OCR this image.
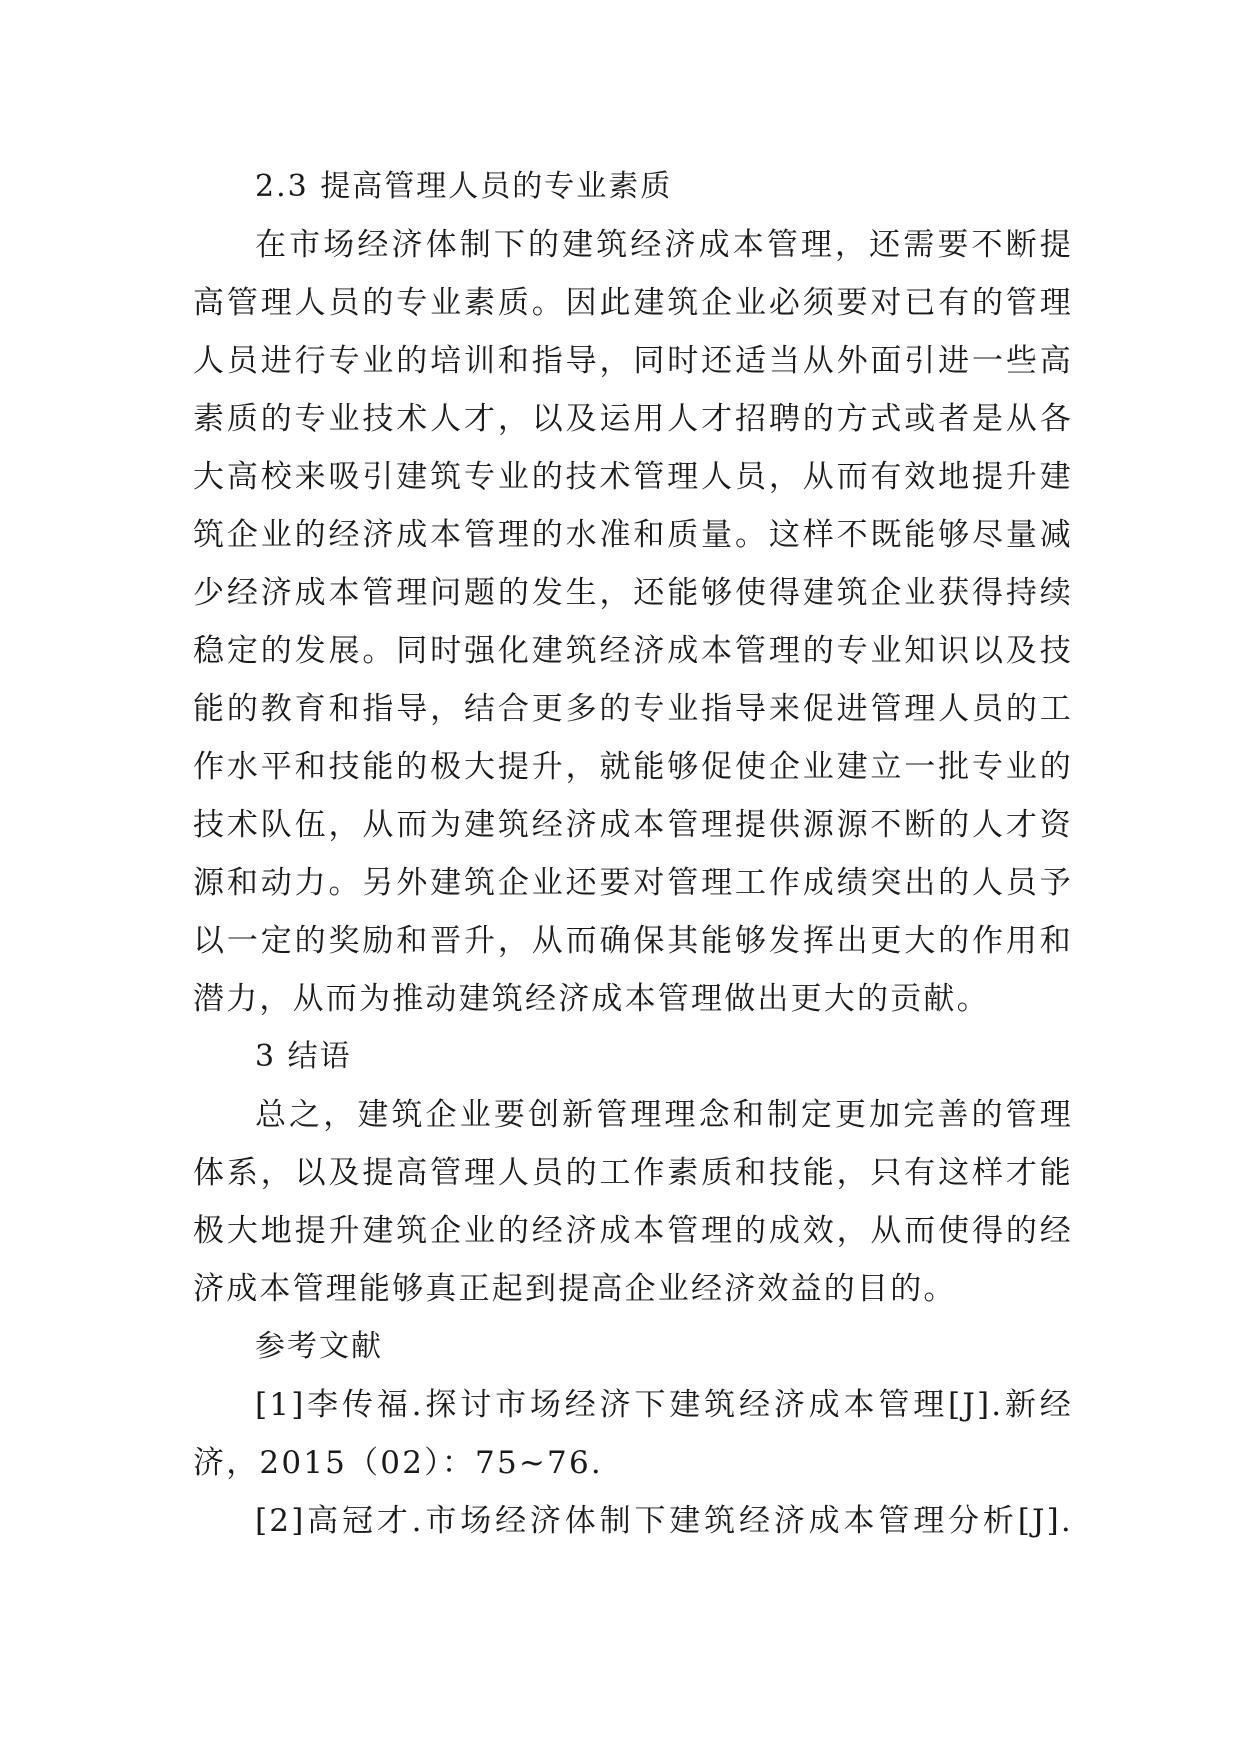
2.3 提高管理人员的专业素质
在市场经济体制下的建筑经济成本管理，还需要不断提
高管理人员的专业素质。因此建筑企业必须要对已有的管理
人员进行专业的培训和指导，同时还适当从外面引进一些高
素质的专业技术人才，以及运用人才招聘的方式或者是从各
大高校来吸引建筑专业的技术管理人员，从而有效地提升建
筑企业的经济成本管理的水准和质量。这样不既能够尽量减
少经济成本管理问题的发生，还能够使得建筑企业获得持续
稳定的发展。同时强化建筑经济成本管理的专业知识以及技
能的教育和指导，结合更多的专业指导来促进管理人员的工
作水平和技能的极大提升，就能够促使企业建立一批专业的
技术队伍，从而为建筑经济成本管理提供源源不断的人才资
源和动力。另外建筑企业还要对管理工作成绩突出的人员予
以一定的奖励和晋升，从而确保其能够发挥出更大的作用和
潜力，从而为推动建筑经济成本管理做出更大的贡献。
3 结语
总之，建筑企业要创新管理理念和制定更加完善的管理
体系，以及提高管理人员的工作素质和技能，只有这样才能
极大地提升建筑企业的经济成本管理的成效，从而使得的经
济成本管理能够真正起到提高企业经济效益的目的。
参考文献
[1]李传福.探讨市场经济下建筑经济成本管理[J].新经
济，2015（02）：75~76.
[2]高冠才.市场经济体制下建筑经济成本管理分析[J].
